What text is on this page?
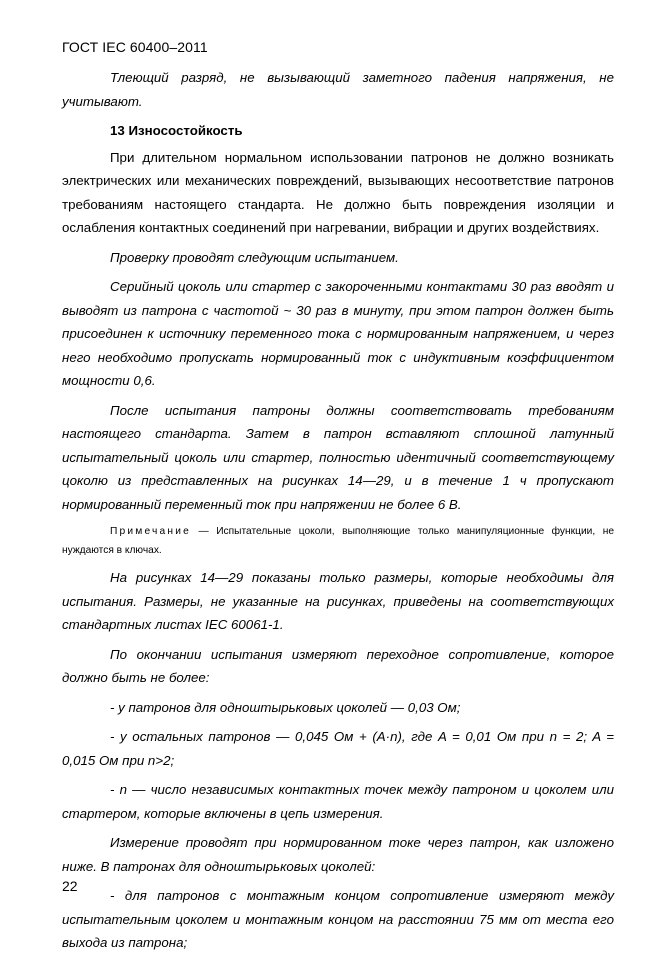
ГОСТ IEC 60400–2011

Тлеющий разряд, не вызывающий заметного падения напряжения, не учитывают.

13 Износостойкость

При длительном нормальном использовании патронов не должно возникать электрических или механических повреждений, вызывающих несоответствие патронов требованиям настоящего стандарта. Не должно быть повреждения изоляции и ослабления контактных соединений при нагревании, вибрации и других воздействиях.

Проверку проводят следующим испытанием.

Серийный цоколь или стартер с закороченными контактами 30 раз вводят и выводят из патрона с частотой ~ 30 раз в минуту, при этом патрон должен быть присоединен к источнику переменного тока с нормированным напряжением, и через него необходимо пропускать нормированный ток с индуктивным коэффициентом мощности 0,6.

После испытания патроны должны соответствовать требованиям настоящего стандарта. Затем в патрон вставляют сплошной латунный испытательный цоколь или стартер, полностью идентичный соответствующему цоколю из представленных на рисунках 14—29, и в течение 1 ч пропускают нормированный переменный ток при напряжении не более 6 В.

Примечание — Испытательные цоколи, выполняющие только манипуляционные функции, не нуждаются в ключах.

На рисунках 14—29 показаны только размеры, которые необходимы для испытания. Размеры, не указанные на рисунках, приведены на соответствующих стандартных листах IEC 60061-1.

По окончании испытания измеряют переходное сопротивление, которое должно быть не более:

- у патронов для одноштырьковых цоколей — 0,03 Ом;

- у остальных патронов — 0,045 Ом + (A·n), где A = 0,01 Ом при n = 2; A = 0,015 Ом при n>2;

- n — число независимых контактных точек между патроном и цоколем или стартером, которые включены в цепь измерения.

Измерение проводят при нормированном токе через патрон, как изложено ниже. В патронах для одноштырьковых цоколей:

- для патронов с монтажным концом сопротивление измеряют между испытательным цоколем и монтажным концом на расстоянии 75 мм от места его выхода из патрона;

22
